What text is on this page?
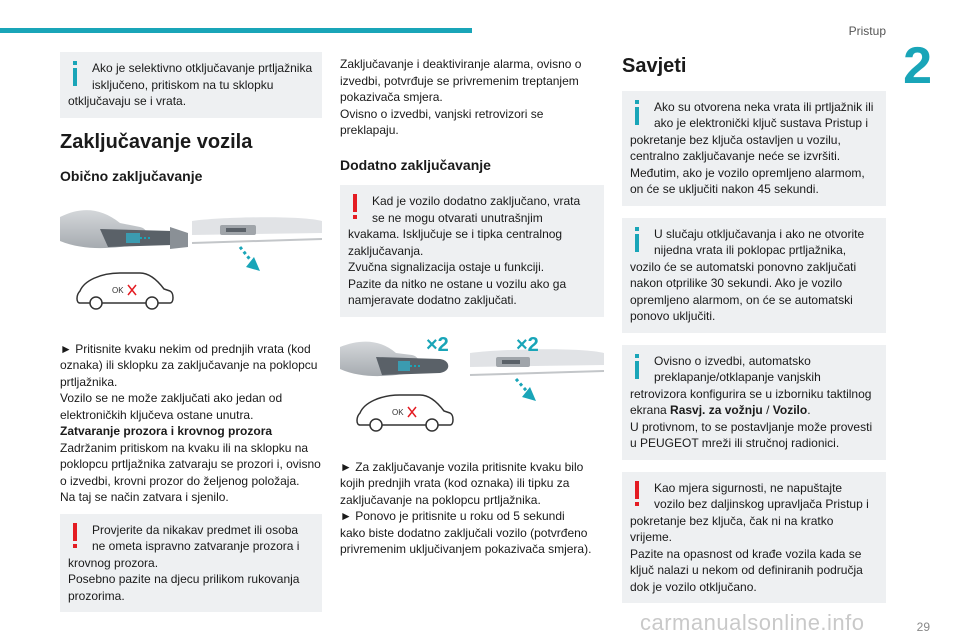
Pristup
2
Ako je selektivno otključavanje prtljažnika
isključeno, pritiskom na tu sklopku
otključavaju se i vrata.
Zaključavanje vozila
Obično zaključavanje
OK

► Pritisnite kvaku nekim od prednjih vrata (kod

oznaka) ili sklopku za zaključavanje na poklopcu

prtljažnika.

Vozilo se ne može zaključati ako jedan od

elektroničkih ključeva ostane unutra.

Zatvaranje prozora i krovnog prozora

Zadržanim pritiskom na kvaku ili na sklopku na

poklopcu prtljažnika zatvaraju se prozori i, ovisno

o izvedbi, krovni prozor do željenog položaja.

Na taj se način zatvara i sjenilo.

Provjerite da nikakav predmet ili osoba
ne ometa ispravno zatvaranje prozora i
krovnog prozora.
Posebno pazite na djecu prilikom rukovanja
prozorima.

Zaključavanje i deaktiviranje alarma, ovisno o

izvedbi, potvrđuje se privremenim treptanjem

pokazivača smjera.

Ovisno o izvedbi, vanjski retrovizori se

preklapaju.

Dodatno zaključavanje
Kad je vozilo dodatno zaključano, vrata
se ne mogu otvarati unutrašnjim
kvakama. Isključuje se i tipka centralnog
zaključavanja.
Zvučna signalizacija ostaje u funkciji.
Pazite da nitko ne ostane u vozilu ako ga
namjeravate dodatno zaključati.
×2	×2
OK

► Za zaključavanje vozila pritisnite kvaku bilo

kojih prednjih vrata (kod oznaka) ili tipku za

zaključavanje na poklopcu prtljažnika.

► Ponovo je pritisnite u roku od 5 sekundi

kako biste dodatno zaključali vozilo (potvrđeno

privremenim uključivanjem pokazivača smjera).

Savjeti
Ako su otvorena neka vrata ili prtljažnik ili
ako je elektronički ključ sustava Pristup i
pokretanje bez ključa ostavljen u vozilu,
centralno zaključavanje neće se izvršiti.
Međutim, ako je vozilo opremljeno alarmom,
on će se uključiti nakon 45 sekundi.
U slučaju otključavanja i ako ne otvorite
nijedna vrata ili poklopac prtljažnika,
vozilo će se automatski ponovno zaključati
nakon otprilike 30 sekundi. Ako je vozilo
opremljeno alarmom, on će se automatski
ponovo uključiti.
Ovisno o izvedbi, automatsko
preklapanje/otklapanje vanjskih
retrovizora konfigurira se u izborniku taktilnog
ekrana Rasvj. za vožnju / Vozilo.
U protivnom, to se postavljanje može provesti
u PEUGEOT mreži ili stručnoj radionici.
Kao mjera sigurnosti, ne napuštajte
vozilo bez daljinskog upravljača Pristup i
pokretanje bez ključa, čak ni na kratko
vrijeme.
Pazite na opasnost od krađe vozila kada se
ključ nalazi u nekom od definiranih područja
dok je vozilo otključano.
carmanualsonline.info	29
